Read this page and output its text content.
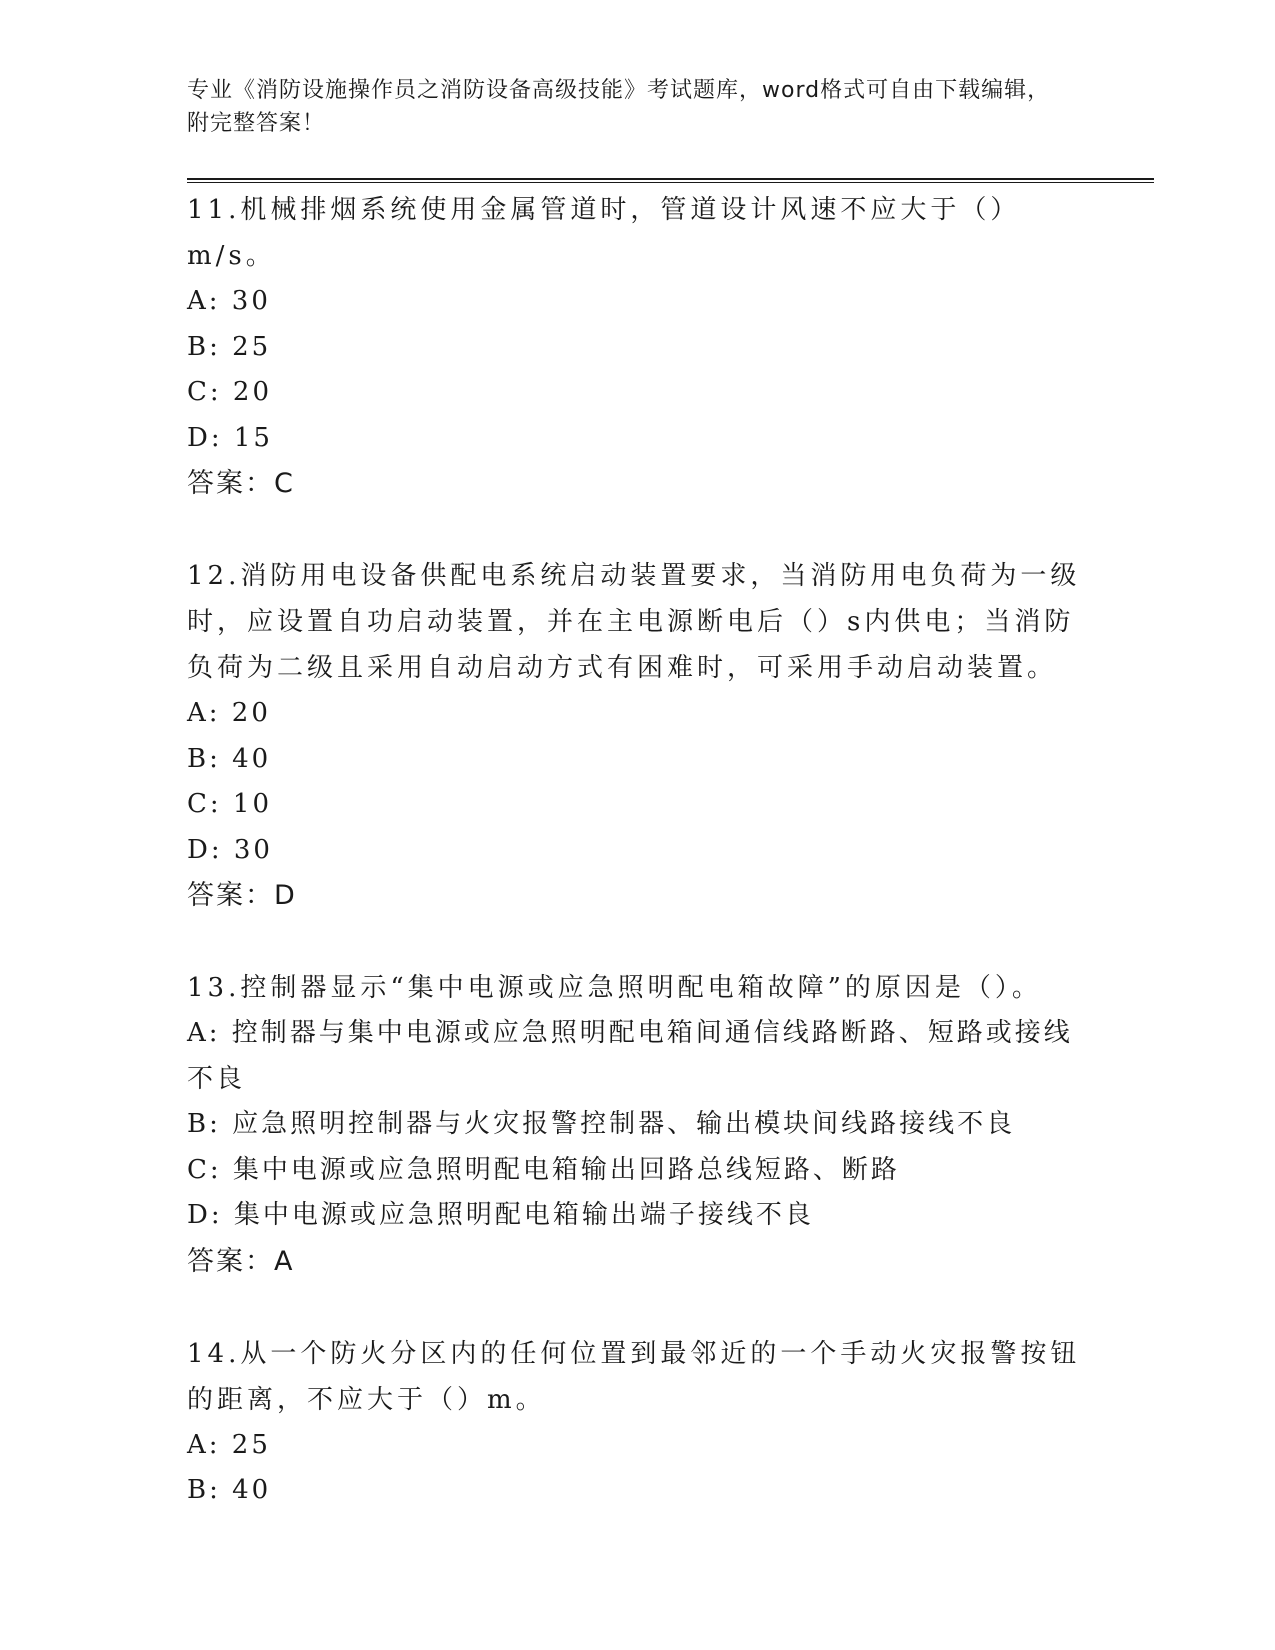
专业《消防设施操作员之消防设备高级技能》考试题库，word格式可自由下载编辑，附完整答案！
11.机械排烟系统使用金属管道时，管道设计风速不应大于（）m/s。
A: 30
B: 25
C: 20
D: 15
答案：C
12.消防用电设备供配电系统启动装置要求，当消防用电负荷为一级时，应设置自功启动装置，并在主电源断电后（）s内供电；当消防负荷为二级且采用自动启动方式有困难时，可采用手动启动装置。
A: 20
B: 40
C: 10
D: 30
答案：D
13.控制器显示“集中电源或应急照明配电箱故障”的原因是（）。
A: 控制器与集中电源或应急照明配电箱间通信线路断路、短路或接线不良
B: 应急照明控制器与火灾报警控制器、输出模块间线路接线不良
C: 集中电源或应急照明配电箱输出回路总线短路、断路
D: 集中电源或应急照明配电箱输出端子接线不良
答案：A
14.从一个防火分区内的任何位置到最邻近的一个手动火灾报警按钮的距离，不应大于（）m。
A: 25
B: 40
